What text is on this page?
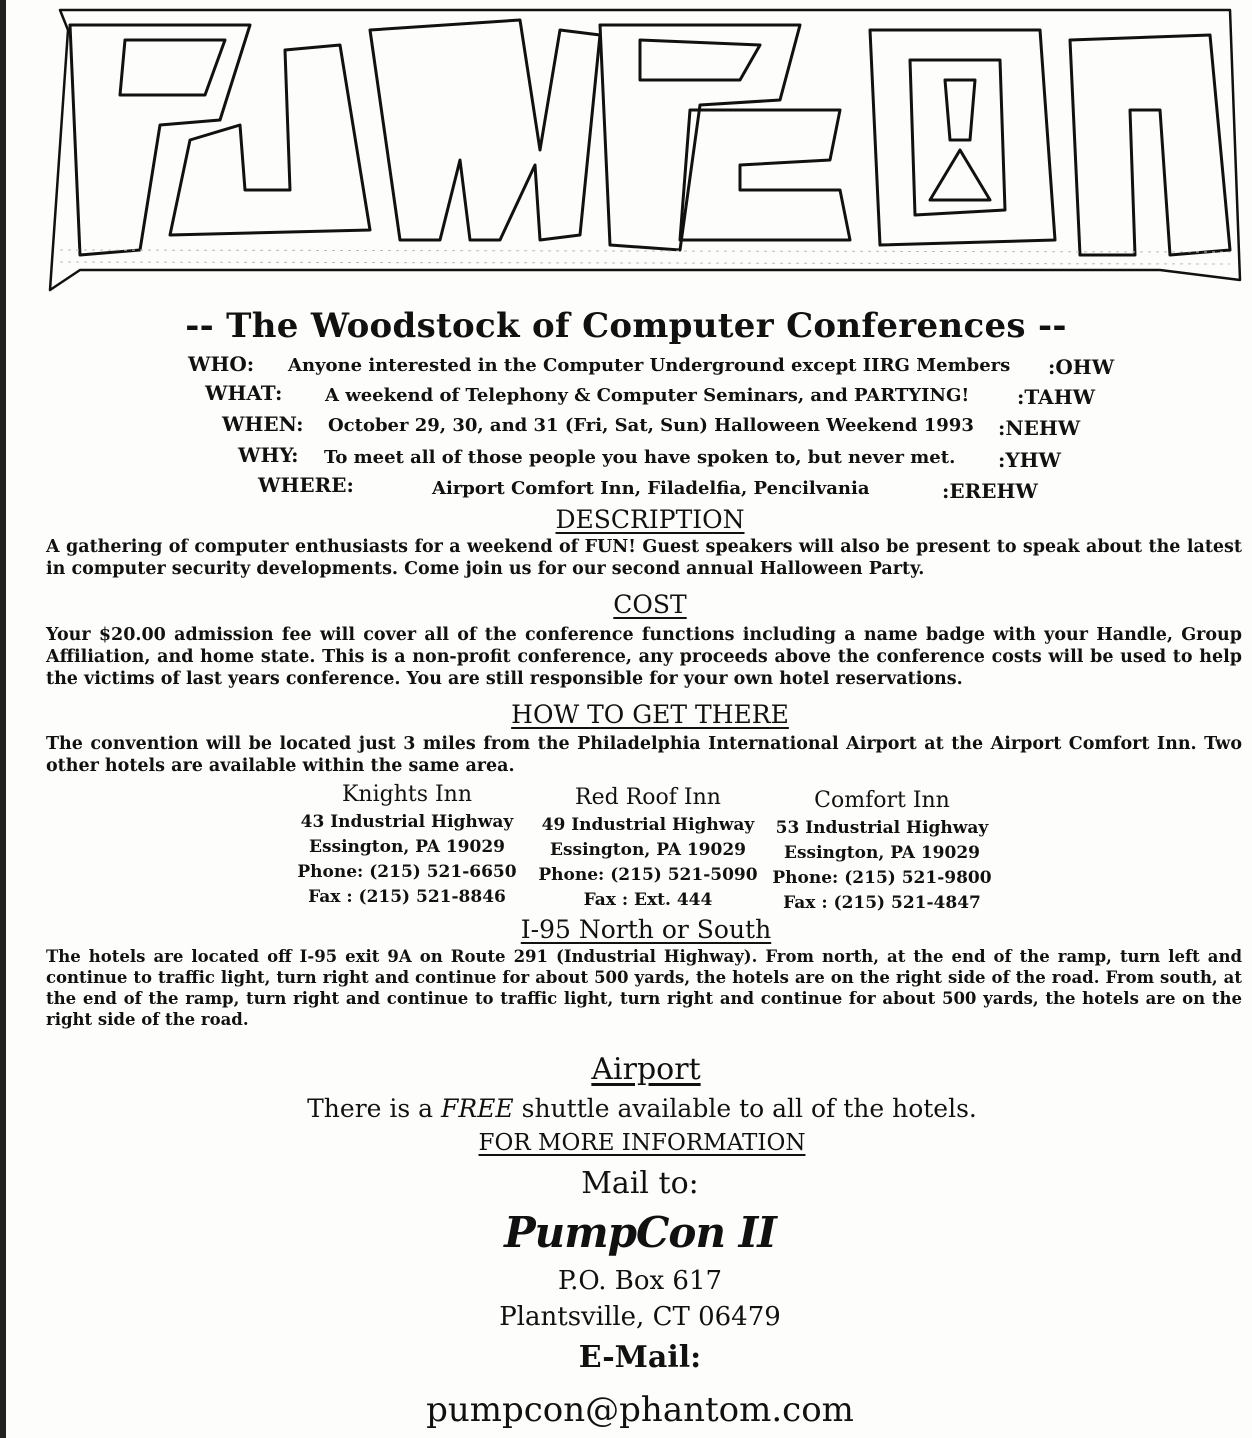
-- The Woodstock of Computer Conferences --
WHO: Anyone interested in the Computer Underground except IIRG Members :OHW
WHAT: A weekend of Telephony & Computer Seminars, and PARTYING! :TAHW
WHEN: October 29, 30, and 31 (Fri, Sat, Sun) Halloween Weekend 1993 :NEHW
WHY: To meet all of those people you have spoken to, but never met. :YHW
WHERE:	Airport Comfort Inn, Filadelfia, Pencilvania	:EREHW
DESCRIPTION
A gathering of computer enthusiasts for a weekend of FUN! Guest speakers will also be present to speak about the latest in computer security developments. Come join us for our second annual Halloween Party.
COST
Your $20.00 admission fee will cover all of the conference functions including a name badge with your Handle, Group Affiliation, and home state. This is a non-profit conference, any proceeds above the conference costs will be used to help the victims of last years conference. You are still responsible for your own hotel reservations.
HOW TO GET THERE
The convention will be located just 3 miles from the Philadelphia International Airport at the Airport Comfort Inn. Two other hotels are available within the same area.
Knights Inn
43 Industrial Highway
Essington, PA 19029
Phone: (215) 521-6650
Fax : (215) 521-8846
Red Roof Inn
49 Industrial Highway
Essington, PA 19029
Phone: (215) 521-5090
Fax : Ext. 444
Comfort Inn
53 Industrial Highway
Essington, PA 19029
Phone: (215) 521-9800
Fax : (215) 521-4847
I-95 North or South
The hotels are located off I-95 exit 9A on Route 291 (Industrial Highway). From north, at the end of the ramp, turn left and continue to traffic light, turn right and continue for about 500 yards, the hotels are on the right side of the road. From south, at the end of the ramp, turn right and continue to traffic light, turn right and continue for about 500 yards, the hotels are on the right side of the road.
Airport
There is a FREE shuttle available to all of the hotels.
FOR MORE INFORMATION
Mail to:
PumpCon II
P.O. Box 617
Plantsville, CT 06479
E-Mail:
pumpcon@phantom.com
